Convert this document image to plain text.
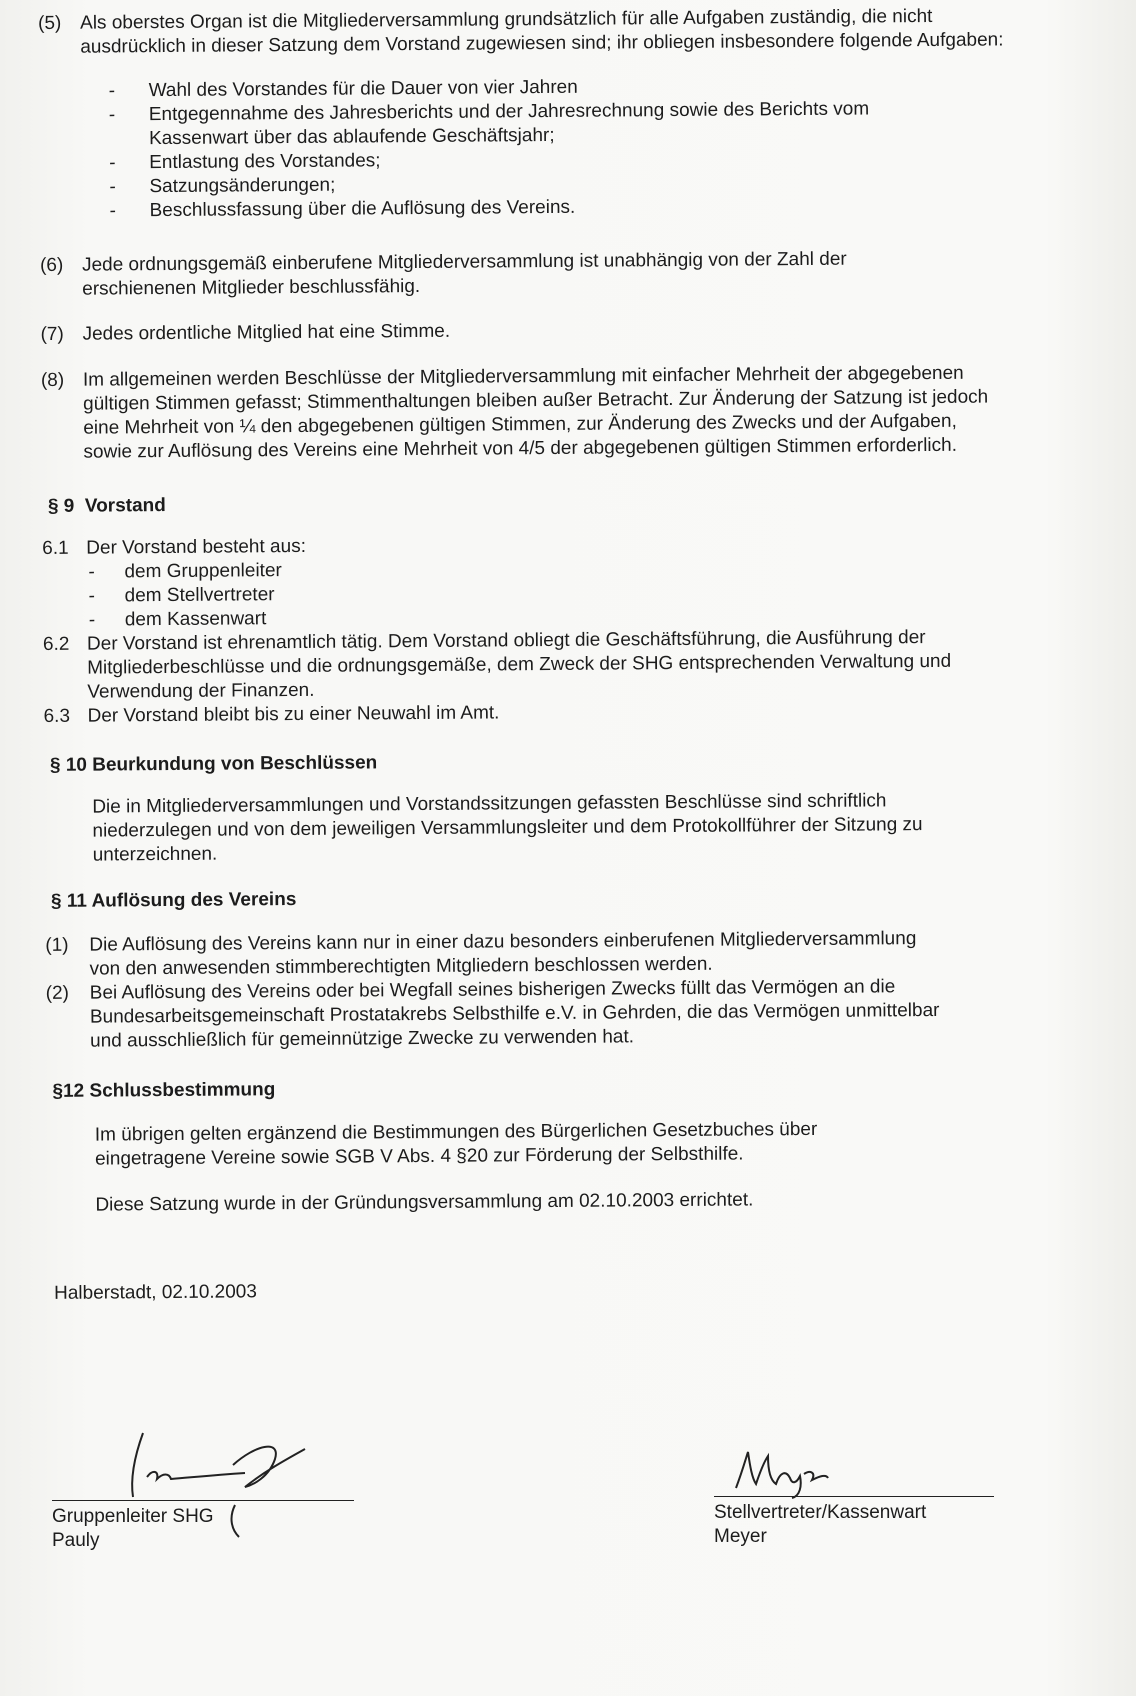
(5) Als oberstes Organ ist die Mitgliederversammlung grundsätzlich für alle Aufgaben zuständig, die nicht ausdrücklich in dieser Satzung dem Vorstand zugewiesen sind; ihr obliegen insbesondere folgende Aufgaben:
-	Wahl des Vorstandes für die Dauer von vier Jahren
-	Entgegennahme des Jahresberichts und der Jahresrechnung sowie des Berichts vom Kassenwart über das ablaufende Geschäftsjahr;
-	Entlastung des Vorstandes;
-	Satzungsänderungen;
-	Beschlussfassung über die Auflösung des Vereins.
(6) Jede ordnungsgemäß einberufene Mitgliederversammlung ist unabhängig von der Zahl der erschienenen Mitglieder beschlussfähig.
(7) Jedes ordentliche Mitglied hat eine Stimme.
(8) Im allgemeinen werden Beschlüsse der Mitgliederversammlung mit einfacher Mehrheit der abgegebenen gültigen Stimmen gefasst; Stimmenthaltungen bleiben außer Betracht. Zur Änderung der Satzung ist jedoch eine Mehrheit von ¼ den abgegebenen gültigen Stimmen, zur Änderung des Zwecks und der Aufgaben, sowie zur Auflösung des Vereins eine Mehrheit von 4/5 der abgegebenen gültigen Stimmen erforderlich.
§ 9  Vorstand
6.1 Der Vorstand besteht aus:
-	dem Gruppenleiter
-	dem Stellvertreter
-	dem Kassenwart
6.2 Der Vorstand ist ehrenamtlich tätig. Dem Vorstand obliegt die Geschäftsführung, die Ausführung der Mitgliederbeschlüsse und die ordnungsgemäße, dem Zweck der SHG entsprechenden Verwaltung und Verwendung der Finanzen.
6.3 Der Vorstand bleibt bis zu einer Neuwahl im Amt.
§ 10 Beurkundung von Beschlüssen
Die in Mitgliederversammlungen und Vorstandssitzungen gefassten Beschlüsse sind schriftlich niederzulegen und von dem jeweiligen Versammlungsleiter und dem Protokollführer der Sitzung zu unterzeichnen.
§ 11 Auflösung des Vereins
(1)	Die Auflösung des Vereins kann nur in einer dazu besonders einberufenen Mitgliederversammlung von den anwesenden stimmberechtigten Mitgliedern beschlossen werden.
(2)	Bei Auflösung des Vereins oder bei Wegfall seines bisherigen Zwecks füllt das Vermögen an die Bundesarbeitsgemeinschaft Prostatakrebs Selbsthilfe e.V. in Gehrden, die das Vermögen unmittelbar und ausschließlich für gemeinnützige Zwecke zu verwenden hat.
§12 Schlussbestimmung
Im übrigen gelten ergänzend die Bestimmungen des Bürgerlichen Gesetzbuches über eingetragene Vereine sowie SGB V Abs. 4 §20 zur Förderung der Selbsthilfe.
Diese Satzung wurde in der Gründungsversammlung am 02.10.2003 errichtet.
Halberstadt, 02.10.2003
Gruppenleiter SHG
Pauly
Stellvertreter/Kassenwart
Meyer
